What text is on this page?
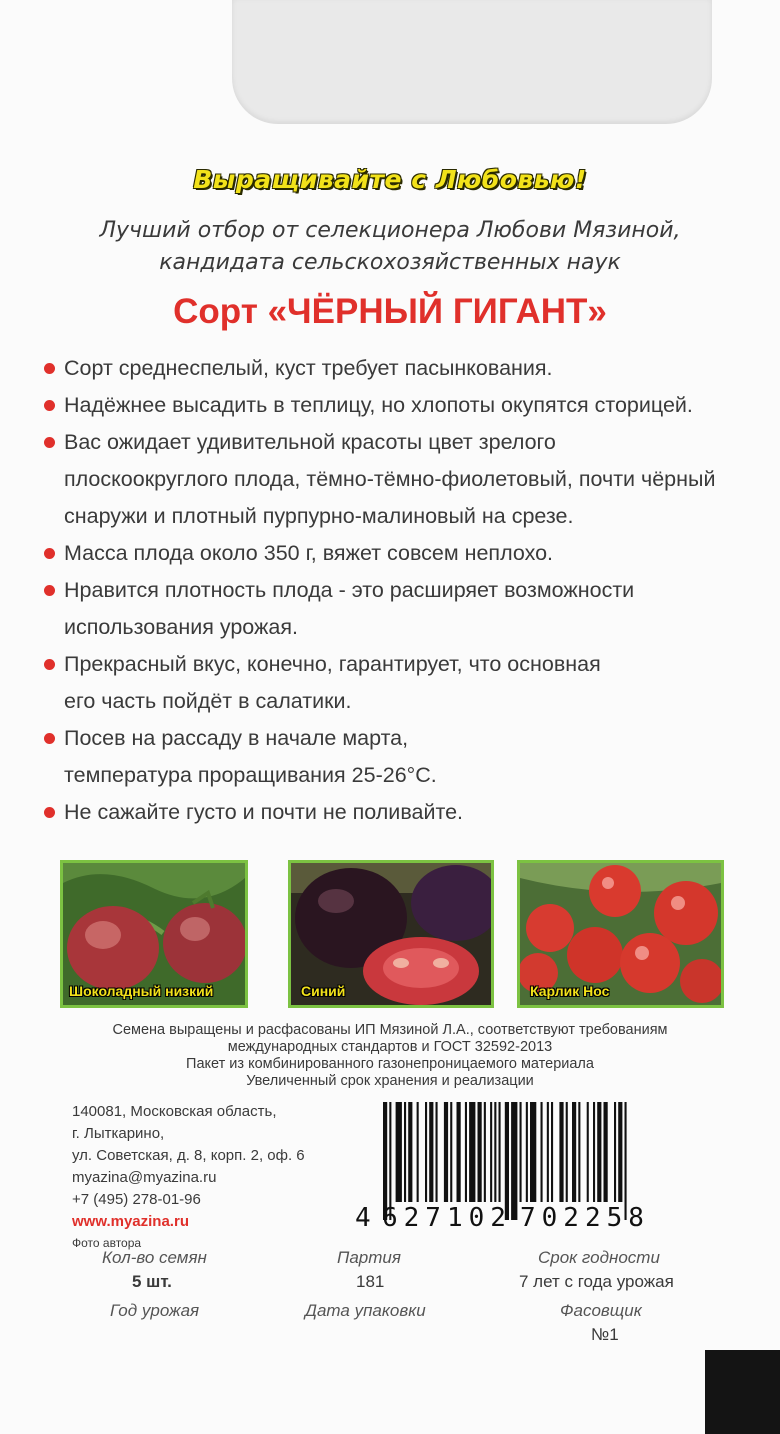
Выращивайте с Любовью!
Лучший отбор от селекционера Любови Мязиной,
кандидата сельскохозяйственных наук
Сорт «ЧЁРНЫЙ ГИГАНТ»
Сорт среднеспелый, куст требует пасынкования.
Надёжнее высадить в теплицу, но хлопоты окупятся сторицей.
Вас ожидает удивительной красоты цвет зрелого
плоскоокруглого плода, тёмно-тёмно-фиолетовый, почти чёрный
снаружи и плотный пурпурно-малиновый на срезе.
Масса плода около 350 г, вяжет совсем неплохо.
Нравится плотность плода - это расширяет возможности
использования урожая.
Прекрасный вкус, конечно, гарантирует, что основная
его часть пойдёт в салатики.
Посев на рассаду в начале марта,
температура проращивания 25-26°С.
Не сажайте густо и почти не поливайте.
Шоколадный низкий	Синий	Карлик Нос
Семена выращены и расфасованы ИП Мязиной Л.А., соответствуют требованиям
международных стандартов и ГОСТ 32592-2013
Пакет из комбинированного газонепроницаемого материала
Увеличенный срок хранения и реализации
140081, Московская область,
г. Лыткарино,
ул. Советская, д. 8, корп. 2, оф. 6
myazina@myazina.ru
+7 (495) 278-01-96
www.myazina.ru
Фото автора
4 627102 702258
Кол-во семян
5 шт.
Год урожая
Партия
181
Дата упаковки
Срок годности
7 лет с года урожая
Фасовщик
№1
